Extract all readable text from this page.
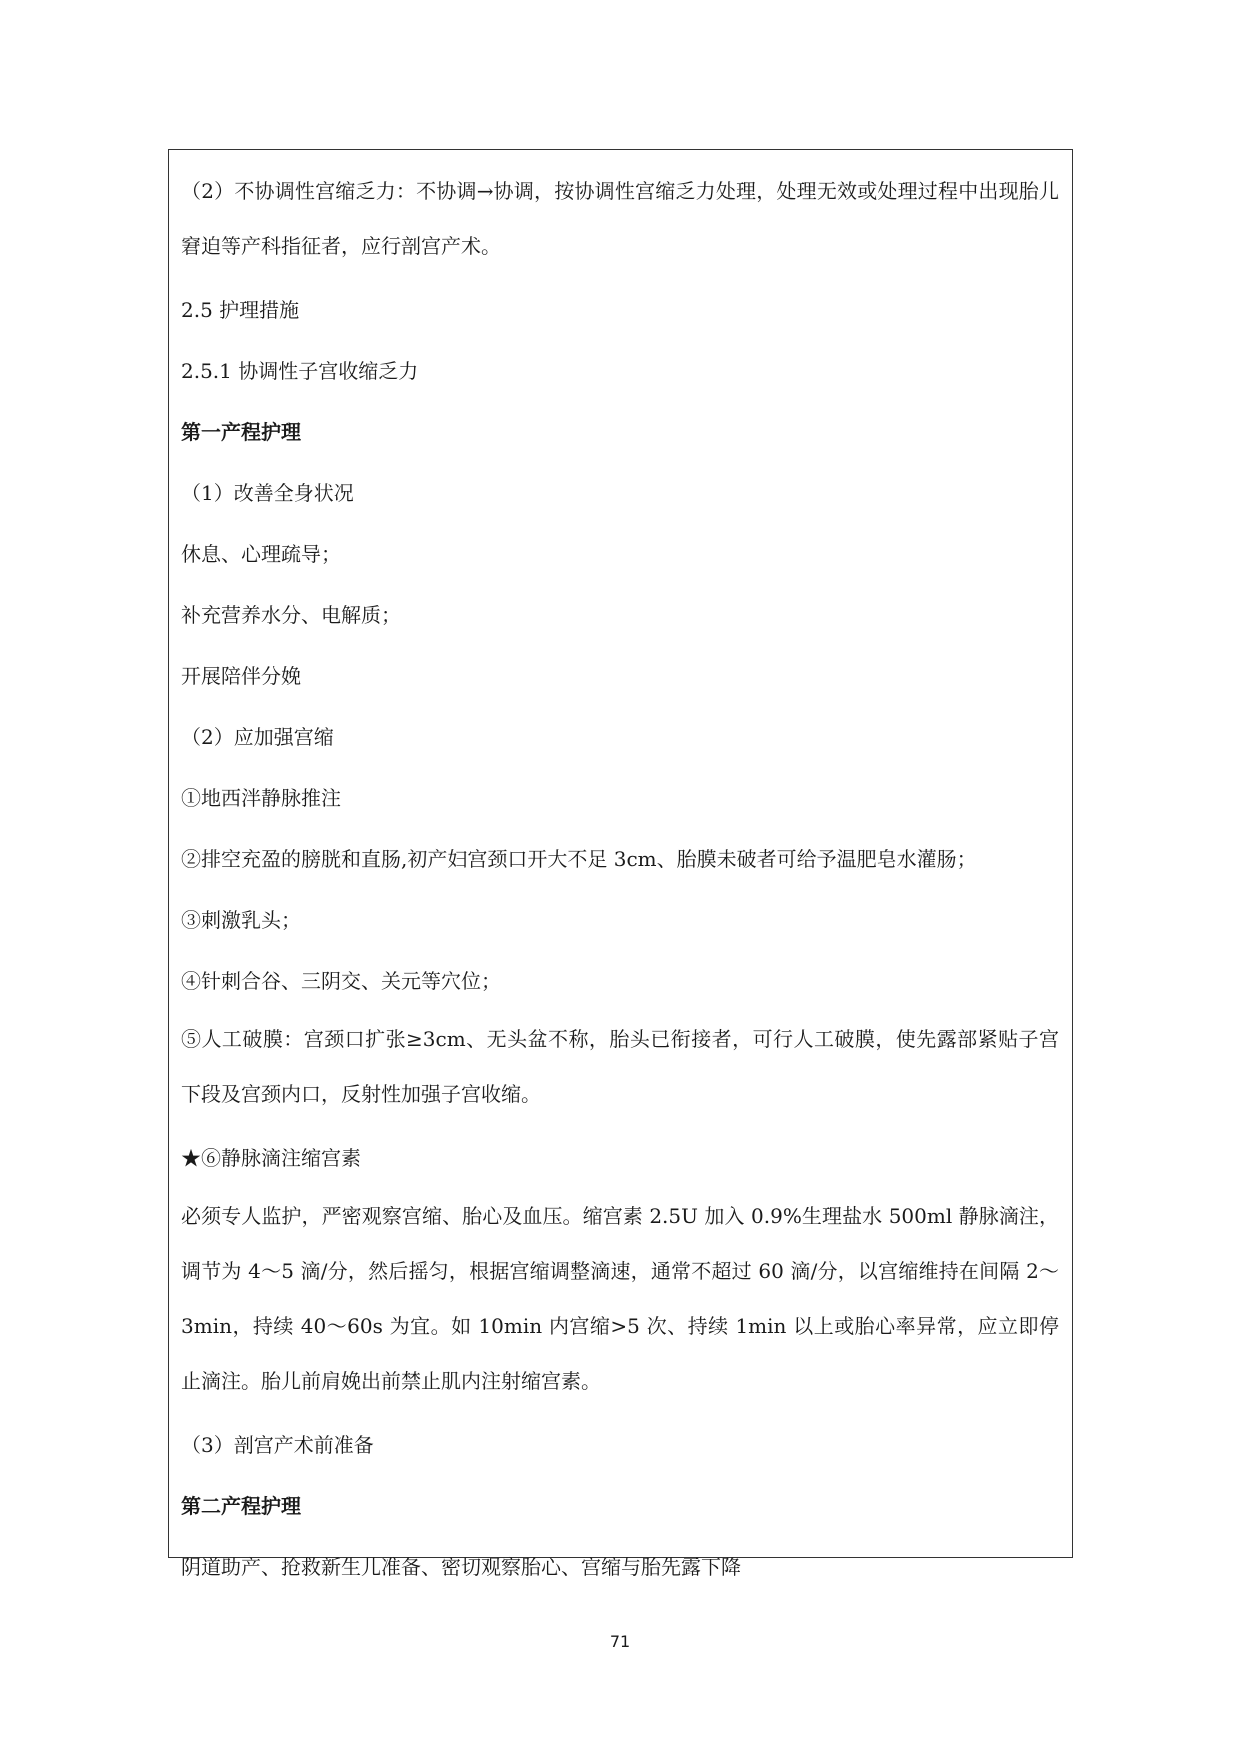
（2）不协调性宫缩乏力：不协调→协调，按协调性宫缩乏力处理，处理无效或处理过程中出现胎儿窘迫等产科指征者，应行剖宫产术。

2.5 护理措施

2.5.1 协调性子宫收缩乏力

第一产程护理

（1）改善全身状况

休息、心理疏导；

补充营养水分、电解质；

开展陪伴分娩

（2）应加强宫缩

①地西泮静脉推注

②排空充盈的膀胱和直肠,初产妇宫颈口开大不足 3cm、胎膜未破者可给予温肥皂水灌肠；

③刺激乳头；

④针刺合谷、三阴交、关元等穴位；

⑤人工破膜：宫颈口扩张≥3cm、无头盆不称，胎头已衔接者，可行人工破膜，使先露部紧贴子宫下段及宫颈内口，反射性加强子宫收缩。

★⑥静脉滴注缩宫素

必须专人监护，严密观察宫缩、胎心及血压。缩宫素 2.5U 加入 0.9%生理盐水 500ml 静脉滴注，调节为 4～5 滴/分，然后摇匀，根据宫缩调整滴速，通常不超过 60 滴/分，以宫缩维持在间隔 2～3min，持续 40～60s 为宜。如 10min 内宫缩>5 次、持续 1min 以上或胎心率异常，应立即停止滴注。胎儿前肩娩出前禁止肌内注射缩宫素。

（3）剖宫产术前准备

第二产程护理

阴道助产、抢救新生儿准备、密切观察胎心、宫缩与胎先露下降

71
